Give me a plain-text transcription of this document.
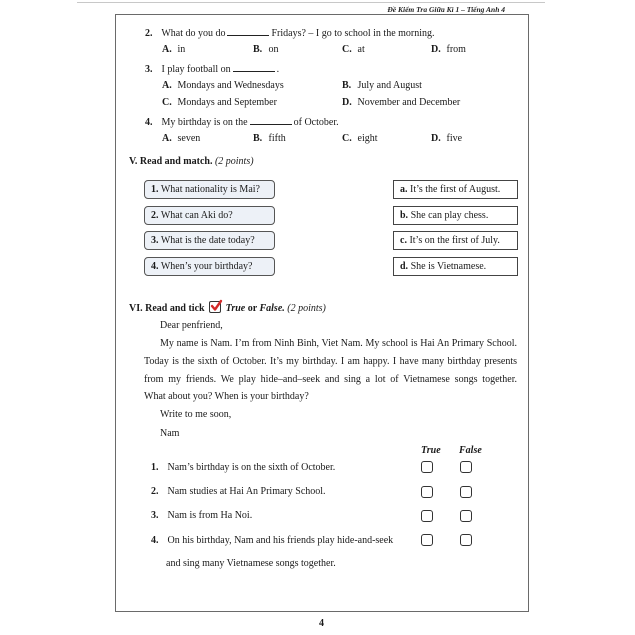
Đề Kiểm Tra Giữa Kì 1 – Tiếng Anh 4
2. What do you do	Fridays? – I go to school in the morning.
A. in	B. on	C. at	D. from
3. I play football on	.
A. Mondays and Wednesdays	B. July and August
C. Mondays and September	D. November and December
4. My birthday is on the	of October.
A. seven	B. fifth	C. eight	D. five
V. Read and match. (2 points)
1. What nationality is Mai?
2. What can Aki do?
3. What is the date today?
4. When’s your birthday?
a. It’s the first of August.
b. She can play chess.
c. It’s on the first of July.
d. She is Vietnamese.
VI. Read and tick True or False. (2 points)
Dear penfriend,
My name is Nam. I’m from Ninh Binh, Viet Nam. My school is Hai An Primary School.
Today is the sixth of October. It’s my birthday. I am happy. I have many birthday presents
from my friends. We play hide–and–seek and sing a lot of Vietnamese songs together.
What about you? When is your birthday?
Write to me soon,
Nam
True False
1. Nam’s birthday is on the sixth of October.
2. Nam studies at Hai An Primary School.
3. Nam is from Ha Noi.
4. On his birthday, Nam and his friends play hide-and-seek
and sing many Vietnamese songs together.
4
